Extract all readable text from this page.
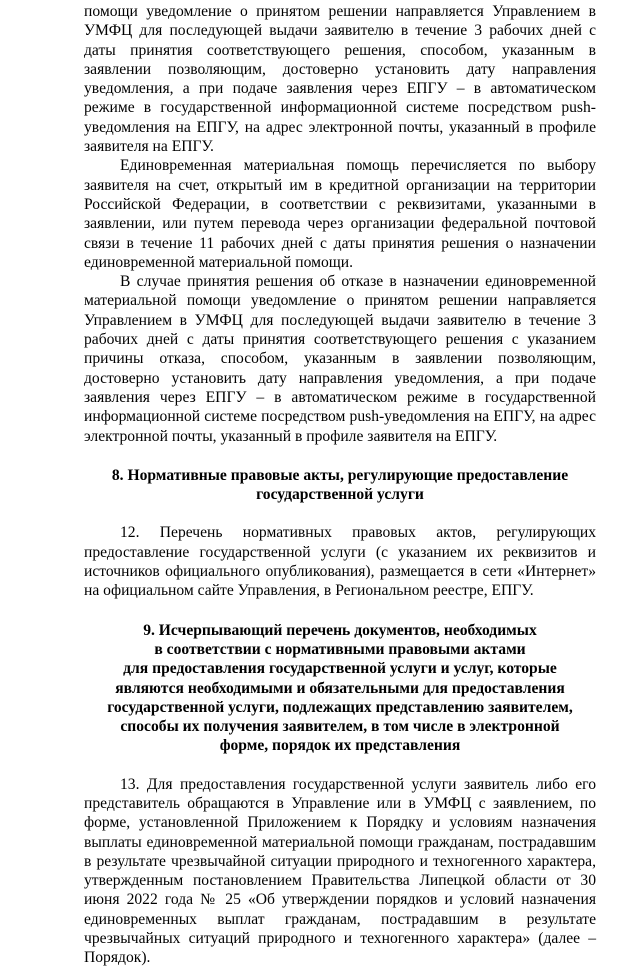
помощи уведомление о принятом решении направляется Управлением в УМФЦ для последующей выдачи заявителю в течение 3 рабочих дней с даты принятия соответствующего решения, способом, указанным в заявлении позволяющим, достоверно установить дату направления уведомления, а при подаче заявления через ЕПГУ – в автоматическом режиме в государственной информационной системе посредством push-уведомления на ЕПГУ, на адрес электронной почты, указанный в профиле заявителя на ЕПГУ.

Единовременная материальная помощь перечисляется по выбору заявителя на счет, открытый им в кредитной организации на территории Российской Федерации, в соответствии с реквизитами, указанными в заявлении, или путем перевода через организации федеральной почтовой связи в течение 11 рабочих дней с даты принятия решения о назначении единовременной материальной помощи.

В случае принятия решения об отказе в назначении единовременной материальной помощи уведомление о принятом решении направляется Управлением в УМФЦ для последующей выдачи заявителю в течение 3 рабочих дней с даты принятия соответствующего решения с указанием причины отказа, способом, указанным в заявлении позволяющим, достоверно установить дату направления уведомления, а при подаче заявления через ЕПГУ – в автоматическом режиме в государственной информационной системе посредством push-уведомления на ЕПГУ, на адрес электронной почты, указанный в профиле заявителя на ЕПГУ.

8. Нормативные правовые акты, регулирующие предоставление
государственной услуги

12. Перечень нормативных правовых актов, регулирующих предоставление государственной услуги (с указанием их реквизитов и источников официального опубликования), размещается в сети «Интернет» на официальном сайте Управления, в Региональном реестре, ЕПГУ.

9. Исчерпывающий перечень документов, необходимых
в соответствии с нормативными правовыми актами
для предоставления государственной услуги и услуг, которые
являются необходимыми и обязательными для предоставления
государственной услуги, подлежащих представлению заявителем,
способы их получения заявителем, в том числе в электронной
форме, порядок их представления

13. Для предоставления государственной услуги заявитель либо его представитель обращаются в Управление или в УМФЦ с заявлением, по форме, установленной Приложением к Порядку и условиям назначения выплаты единовременной материальной помощи гражданам, пострадавшим в результате чрезвычайной ситуации природного и техногенного характера, утвержденным постановлением Правительства Липецкой области от 30 июня 2022 года № 25 «Об утверждении порядков и условий назначения единовременных выплат гражданам, пострадавшим в результате чрезвычайных ситуаций природного и техногенного характера» (далее – Порядок).
